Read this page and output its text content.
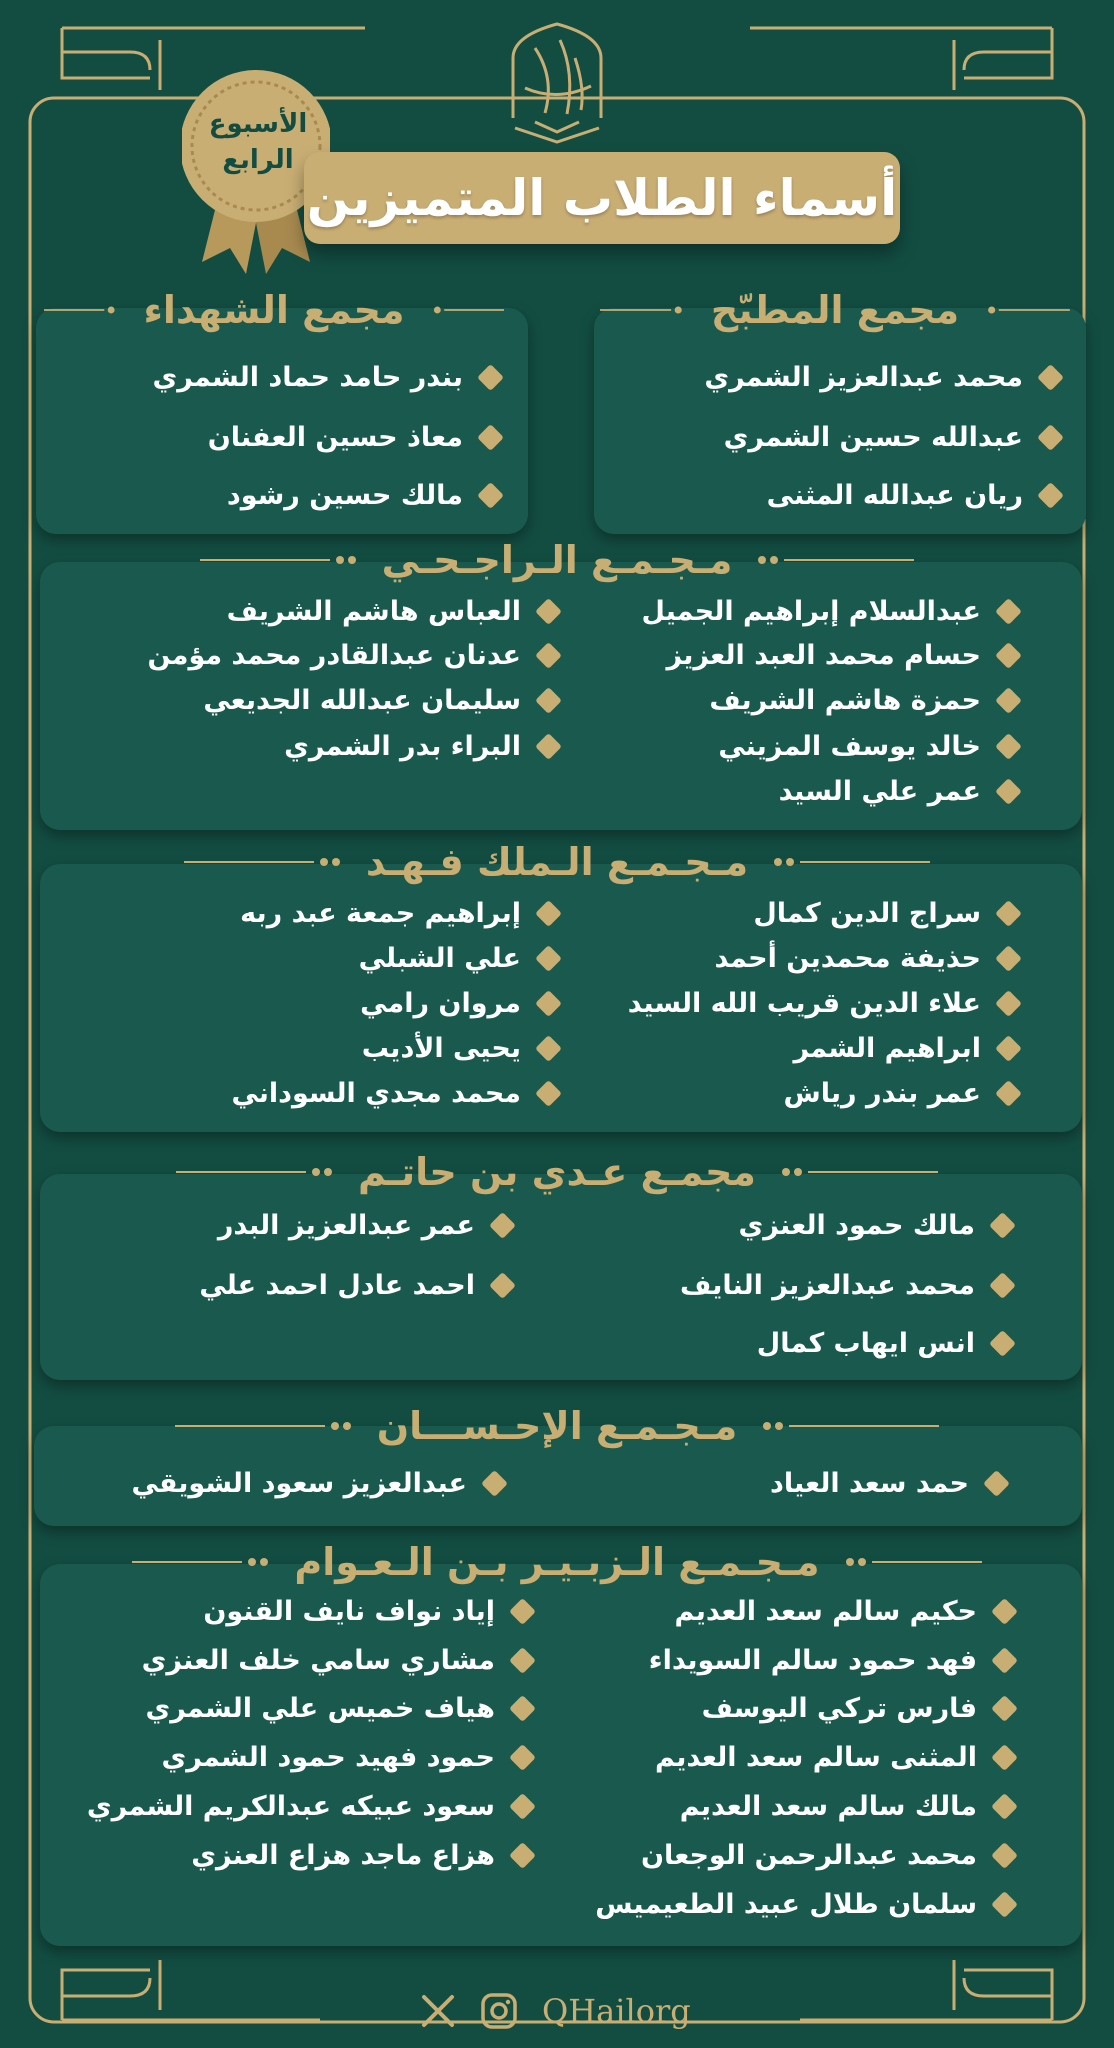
الأسبوع
الرابع
أسماء الطلاب المتميزين
مجمع المطبّح
مجمع الشهداء
مـجـمـع الـراجـحـي
مـجـمـع الـملك فـهـد
مجمـع عـدي بن حاتـم
مـجـمـع الإحـســـان
مـجـمـع الـزبـيـر بـن الـعـوام
محمد عبدالعزيز الشمري
عبدالله حسين الشمري
ريان عبدالله المثنى
بندر حامد حماد الشمري
معاذ حسين العفنان
مالك حسين رشود
عبدالسلام إبراهيم الجميل
حسام محمد العبد العزيز
حمزة هاشم الشريف
خالد يوسف المزيني
عمر علي السيد
العباس هاشم الشريف
عدنان عبدالقادر محمد مؤمن
سليمان عبدالله الجديعي
البراء بدر الشمري
سراج الدين كمال
حذيفة محمدين أحمد
علاء الدين قريب الله السيد
ابراهيم الشمر
عمر بندر رياش
إبراهيم جمعة عبد ربه
علي الشبلي
مروان رامي
يحيى الأديب
محمد مجدي السوداني
مالك حمود العنزي
محمد عبدالعزيز النايف
انس ايهاب كمال
عمر عبدالعزيز البدر
احمد عادل احمد علي
حمد سعد العياد
عبدالعزيز سعود الشويقي
حكيم سالم سعد العديم
فهد حمود سالم السويداء
فارس تركي اليوسف
المثنى سالم سعد العديم
مالك سالم سعد العديم
محمد عبدالرحمن الوجعان
سلمان طلال عبيد الطعيميس
إياد نواف نايف القنون
مشاري سامي خلف العنزي
هياف خميس علي الشمري
حمود فهيد حمود الشمري
سعود عبيكه عبدالكريم الشمري
هزاع ماجد هزاع العنزي
QHailorg
